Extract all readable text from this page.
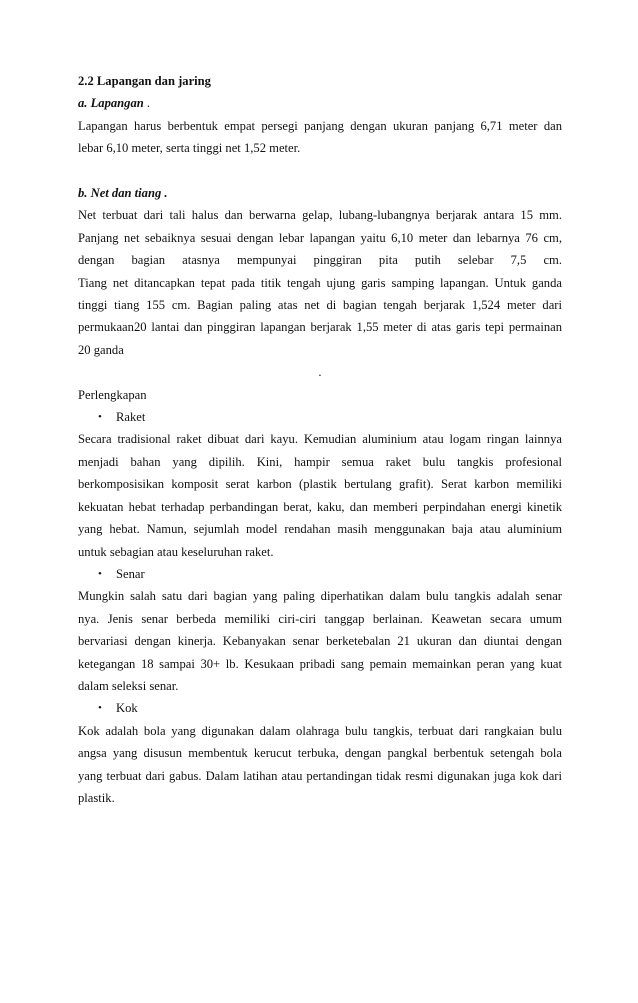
2.2 Lapangan dan jaring
a. Lapangan .
Lapangan harus berbentuk empat persegi panjang dengan ukuran panjang 6,71 meter dan
lebar 6,10 meter, serta tinggi net 1,52 meter.
b. Net dan tiang .
Net terbuat dari tali halus dan berwarna gelap, lubang-lubangnya berjarak antara 15 mm.
Panjang net sebaiknya sesuai dengan lebar lapangan yaitu 6,10 meter dan lebarnya 76 cm,
dengan bagian atasnya mempunyai pinggiran pita putih selebar 7,5 cm.
Tiang net ditancapkan tepat pada titik tengah ujung garis samping lapangan. Untuk ganda
tinggi tiang 155 cm. Bagian paling atas net di bagian tengah berjarak 1,524 meter dari
permukaan20 lantai dan pinggiran lapangan berjarak 1,55 meter di atas garis tepi permainan
20 ganda
.
Perlengkapan
•	Raket
Secara tradisional raket dibuat dari kayu. Kemudian aluminium atau logam ringan lainnya
menjadi bahan yang dipilih. Kini, hampir semua raket bulu tangkis profesional
berkomposisikan komposit serat karbon (plastik bertulang grafit). Serat karbon memiliki
kekuatan hebat terhadap perbandingan berat, kaku, dan memberi perpindahan energi kinetik
yang hebat. Namun, sejumlah model rendahan masih menggunakan baja atau aluminium
untuk sebagian atau keseluruhan raket.
•	Senar
Mungkin salah satu dari bagian yang paling diperhatikan dalam bulu tangkis adalah senar
nya. Jenis senar berbeda memiliki ciri-ciri tanggap berlainan. Keawetan secara umum
bervariasi dengan kinerja. Kebanyakan senar berketebalan 21 ukuran dan diuntai dengan
ketegangan 18 sampai 30+ lb. Kesukaan pribadi sang pemain memainkan peran yang kuat
dalam seleksi senar.
•	Kok
Kok adalah bola yang digunakan dalam olahraga bulu tangkis, terbuat dari rangkaian bulu
angsa yang disusun membentuk kerucut terbuka, dengan pangkal berbentuk setengah bola
yang terbuat dari gabus. Dalam latihan atau pertandingan tidak resmi digunakan juga kok dari
plastik.
